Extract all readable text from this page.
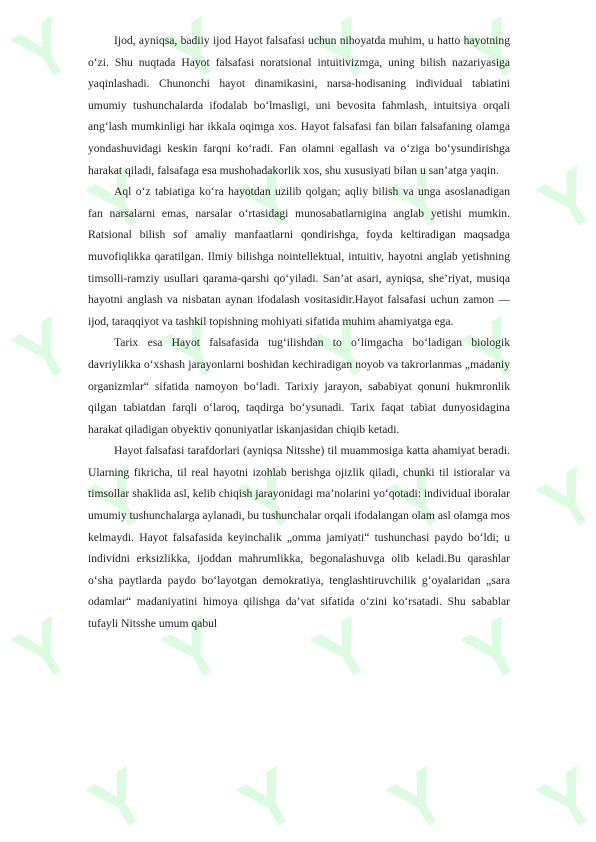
Ijod, ayniqsa, badiiy ijod Hayot falsafasi uchun nihoyatda muhim, u hatto hayotning o‘zi. Shu nuqtada Hayot falsafasi noratsional intuitivizmga, uning bilish nazariyasiga yaqinlashadi. Chunonchi hayot dinamikasini, narsa-hodisaning individual tabiatini umumiy tushunchalarda ifodalab bo‘lmasligi, uni bevosita fahmlash, intuitsiya orqali ang‘lash mumkinligi har ikkala oqimga xos. Hayot falsafasi fan bilan falsafaning olamga yondashuvidagi keskin farqni ko‘radi. Fan olamni egallash va o‘ziga bo‘ysundirishga harakat qiladi, falsafaga esa mushohadakorlik xos, shu xususiyati bilan u san’atga yaqin.

Aql o‘z tabiatiga ko‘ra hayotdan uzilib qolgan; aqliy bilish va unga asoslanadigan fan narsalarni emas, narsalar o‘rtasidagi munosabatlarnigina anglab yetishi mumkin. Ratsional bilish sof amaliy manfaatlarni qondirishga, foyda keltiradigan maqsadga muvofiqlikka qaratilgan. Ilmiy bilishga nointellektual, intuitiv, hayotni anglab yetishning timsolli-ramziy usullari qarama-qarshi qo‘yiladi. San’at asari, ayniqsa, she’riyat, musiqa hayotni anglash va nisbatan aynan ifodalash vositasidir.Hayot falsafasi uchun zamon — ijod, taraqqiyot va tashkil topishning mohiyati sifatida muhim ahamiyatga ega.

Tarix esa Hayot falsafasida tug‘ilishdan to o‘limgacha bo‘ladigan biologik davriylikka o‘xshash jarayonlarni boshidan kechiradigan noyob va takrorlanmas „madaniy organizmlar“ sifatida namoyon bo‘ladi. Tarixiy jarayon, sababiyat qonuni hukmronlik qilgan tabiatdan farqli o‘laroq, taqdirga bo‘ysunadi. Tarix faqat tabiat dunyosidagina harakat qiladigan obyektiv qonuniyatlar iskanjasidan chiqib ketadi.

Hayot falsafasi tarafdorlari (ayniqsa Nitsshe) til muammosiga katta ahamiyat beradi. Ularning fikricha, til real hayotni izohlab berishga ojizlik qiladi, chunki til istioralar va timsollar shaklida asl, kelib chiqish jarayonidagi ma’nolarini yo‘qotadi: individual iboralar umumiy tushunchalarga aylanadi, bu tushunchalar orqali ifodalangan olam asl olamga mos kelmaydi. Hayot falsafasida keyinchalik „omma jamiyati“ tushunchasi paydo bo‘ldi; u individni erksizlikka, ijoddan mahrumlikka, begonalashuvga olib keladi.Bu qarashlar o‘sha paytlarda paydo bo‘layotgan demokratiya, tenglashtiruvchilik g‘oyalaridan „sara odamlar“ madaniyatini himoya qilishga da’vat sifatida o‘zini ko‘rsatadi. Shu sabablar tufayli Nitsshe umum qabul
